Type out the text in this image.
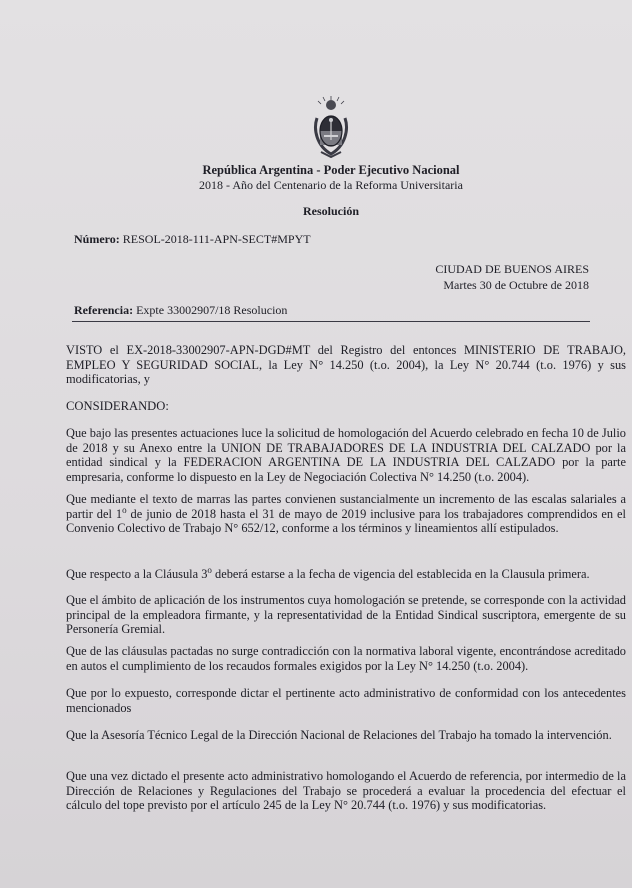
República Argentina - Poder Ejecutivo Nacional
2018 - Año del Centenario de la Reforma Universitaria
Resolución
Número: RESOL-2018-111-APN-SECT#MPYT
CIUDAD DE BUENOS AIRES
Martes 30 de Octubre de 2018
Referencia: Expte 33002907/18 Resolucion
VISTO el EX-2018-33002907-APN-DGD#MT del Registro del entonces MINISTERIO DE TRABAJO, EMPLEO Y SEGURIDAD SOCIAL, la Ley N° 14.250 (t.o. 2004), la Ley N° 20.744 (t.o. 1976) y sus modificatorias, y
CONSIDERANDO:
Que bajo las presentes actuaciones luce la solicitud de homologación del Acuerdo celebrado en fecha 10 de Julio de 2018 y su Anexo entre la UNION DE TRABAJADORES DE LA INDUSTRIA DEL CALZADO por la entidad sindical y la FEDERACION ARGENTINA DE LA INDUSTRIA DEL CALZADO por la parte empresaria, conforme lo dispuesto en la Ley de Negociación Colectiva N° 14.250 (t.o. 2004).
Que mediante el texto de marras las partes convienen sustancialmente un incremento de las escalas salariales a partir del 1$^o$ de junio de 2018 hasta el 31 de mayo de 2019 inclusive para los trabajadores comprendidos en el Convenio Colectivo de Trabajo N° 652/12, conforme a los términos y lineamientos allí estipulados.
Que respecto a la Cláusula 3$^o$ deberá estarse a la fecha de vigencia del establecida en la Clausula primera.
Que el ámbito de aplicación de los instrumentos cuya homologación se pretende, se corresponde con la actividad principal de la empleadora firmante, y la representatividad de la Entidad Sindical suscriptora, emergente de su Personería Gremial.
Que de las cláusulas pactadas no surge contradicción con la normativa laboral vigente, encontrándose acreditado en autos el cumplimiento de los recaudos formales exigidos por la Ley N° 14.250 (t.o. 2004).
Que por lo expuesto, corresponde dictar el pertinente acto administrativo de conformidad con los antecedentes mencionados
Que la Asesoría Técnico Legal de la Dirección Nacional de Relaciones del Trabajo ha tomado la intervención.
Que una vez dictado el presente acto administrativo homologando el Acuerdo de referencia, por intermedio de la Dirección de Relaciones y Regulaciones del Trabajo se procederá a evaluar la procedencia del efectuar el cálculo del tope previsto por el artículo 245 de la Ley N° 20.744 (t.o. 1976) y sus modificatorias.
